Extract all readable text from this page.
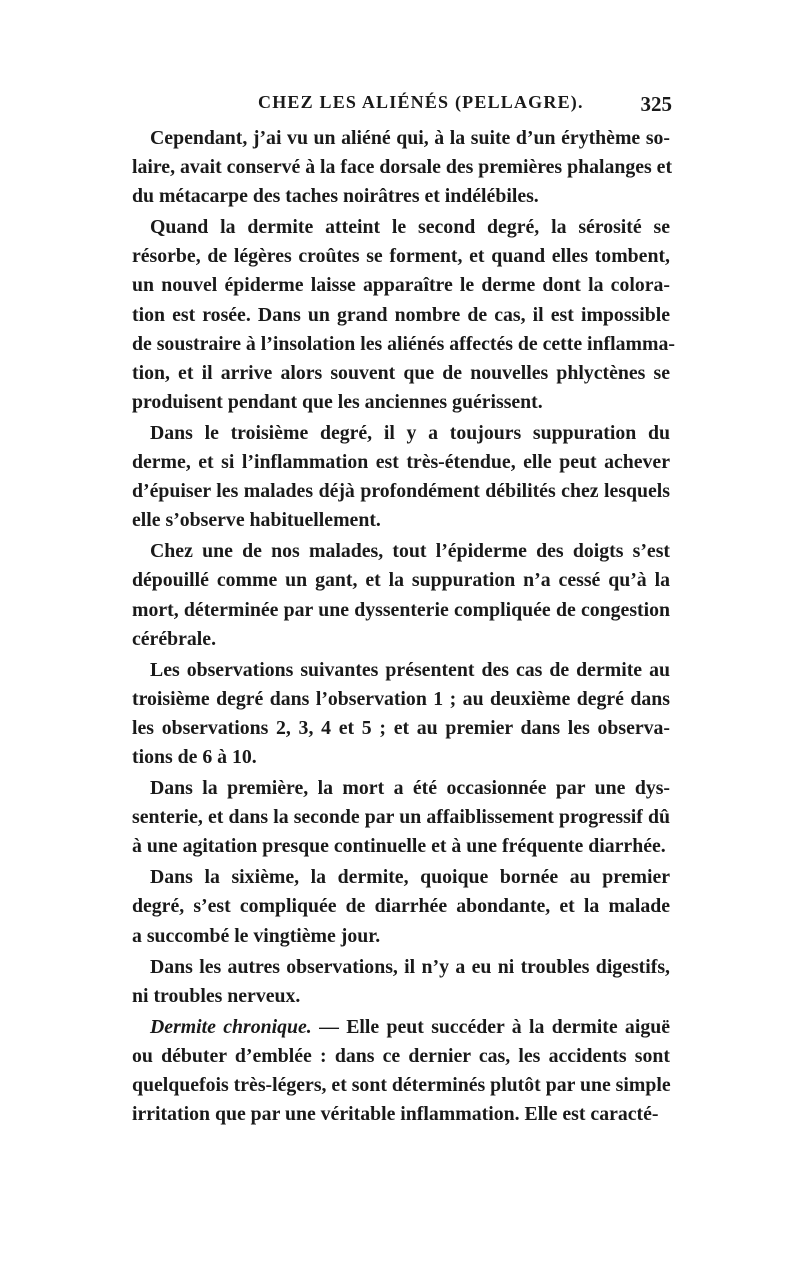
CHEZ LES ALIÉNÉS (PELLAGRE).	325
Cependant, j’ai vu un aliéné qui, à la suite d’un érythème so-
laire, avait conservé à la face dorsale des premières phalanges et
du métacarpe des taches noirâtres et indélébiles.
Quand la dermite atteint le second degré, la sérosité se
résorbe, de légères croûtes se forment, et quand elles tombent,
un nouvel épiderme laisse apparaître le derme dont la colora-
tion est rosée. Dans un grand nombre de cas, il est impossible
de soustraire à l’insolation les aliénés affectés de cette inflamma-
tion, et il arrive alors souvent que de nouvelles phlyctènes se
produisent pendant que les anciennes guérissent.
Dans le troisième degré, il y a toujours suppuration du
derme, et si l’inflammation est très-étendue, elle peut achever
d’épuiser les malades déjà profondément débilités chez lesquels
elle s’observe habituellement.
Chez une de nos malades, tout l’épiderme des doigts s’est
dépouillé comme un gant, et la suppuration n’a cessé qu’à la
mort, déterminée par une dyssenterie compliquée de congestion
cérébrale.
Les observations suivantes présentent des cas de dermite au
troisième degré dans l’observation 1 ; au deuxième degré dans
les observations 2, 3, 4 et 5 ; et au premier dans les observa-
tions de 6 à 10.
Dans la première, la mort a été occasionnée par une dys-
senterie, et dans la seconde par un affaiblissement progressif dû
à une agitation presque continuelle et à une fréquente diarrhée.
Dans la sixième, la dermite, quoique bornée au premier
degré, s’est compliquée de diarrhée abondante, et la malade
a succombé le vingtième jour.
Dans les autres observations, il n’y a eu ni troubles digestifs,
ni troubles nerveux.
Dermite chronique. — Elle peut succéder à la dermite aiguë
ou débuter d’emblée : dans ce dernier cas, les accidents sont
quelquefois très-légers, et sont déterminés plutôt par une simple
irritation que par une véritable inflammation. Elle est caracté-
